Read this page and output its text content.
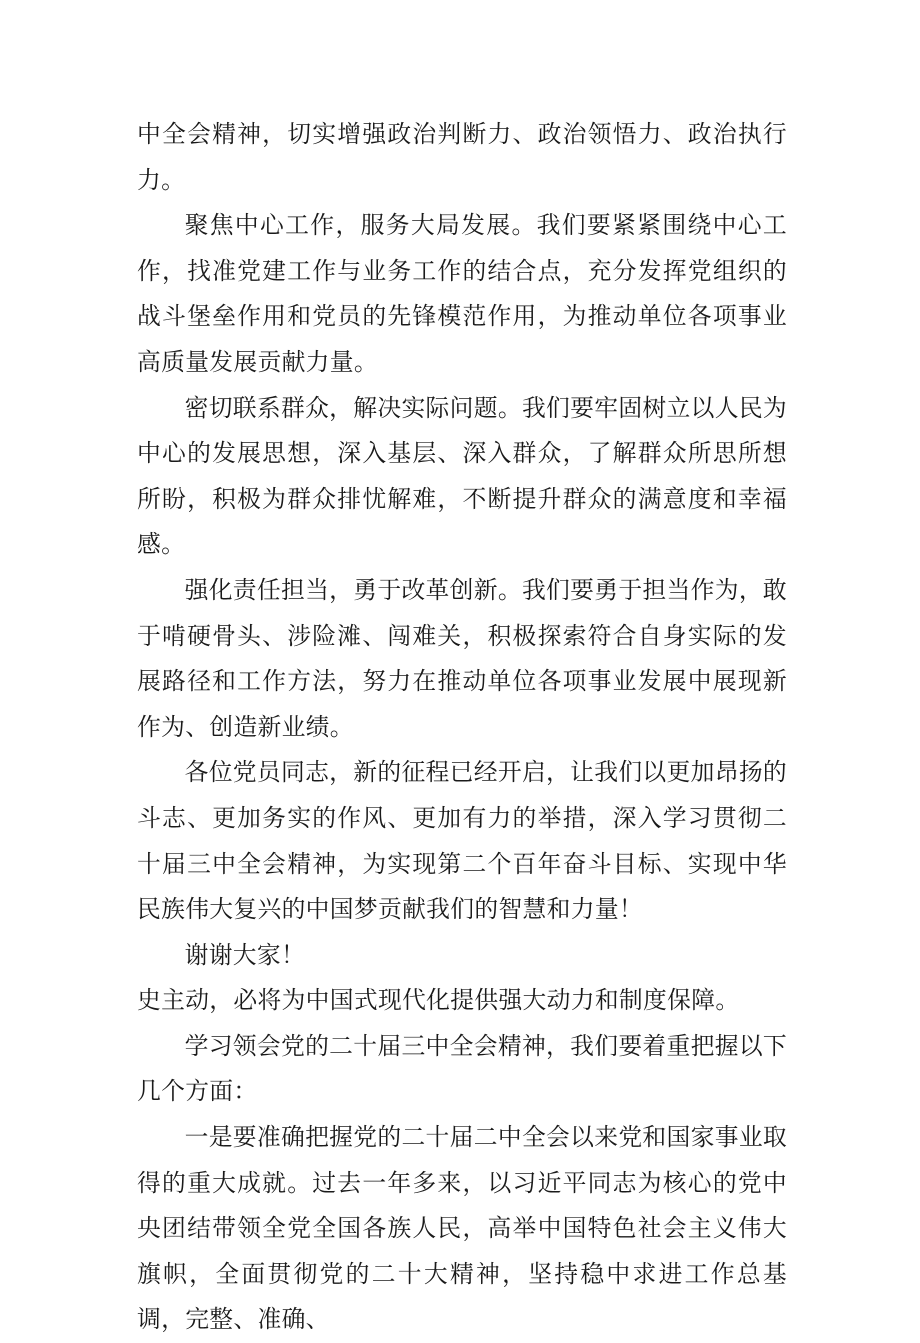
中全会精神，切实增强政治判断力、政治领悟力、政治执行力。

聚焦中心工作，服务大局发展。我们要紧紧围绕中心工作，找准党建工作与业务工作的结合点，充分发挥党组织的战斗堡垒作用和党员的先锋模范作用，为推动单位各项事业高质量发展贡献力量。

密切联系群众，解决实际问题。我们要牢固树立以人民为中心的发展思想，深入基层、深入群众，了解群众所思所想所盼，积极为群众排忧解难，不断提升群众的满意度和幸福感。

强化责任担当，勇于改革创新。我们要勇于担当作为，敢于啃硬骨头、涉险滩、闯难关，积极探索符合自身实际的发展路径和工作方法，努力在推动单位各项事业发展中展现新作为、创造新业绩。

各位党员同志，新的征程已经开启，让我们以更加昂扬的斗志、更加务实的作风、更加有力的举措，深入学习贯彻二十届三中全会精神，为实现第二个百年奋斗目标、实现中华民族伟大复兴的中国梦贡献我们的智慧和力量！

谢谢大家！

史主动，必将为中国式现代化提供强大动力和制度保障。

学习领会党的二十届三中全会精神，我们要着重把握以下几个方面：

一是要准确把握党的二十届二中全会以来党和国家事业取得的重大成就。过去一年多来，以习近平同志为核心的党中央团结带领全党全国各族人民，高举中国特色社会主义伟大旗帜，全面贯彻党的二十大精神，坚持稳中求进工作总基调，完整、准确、
